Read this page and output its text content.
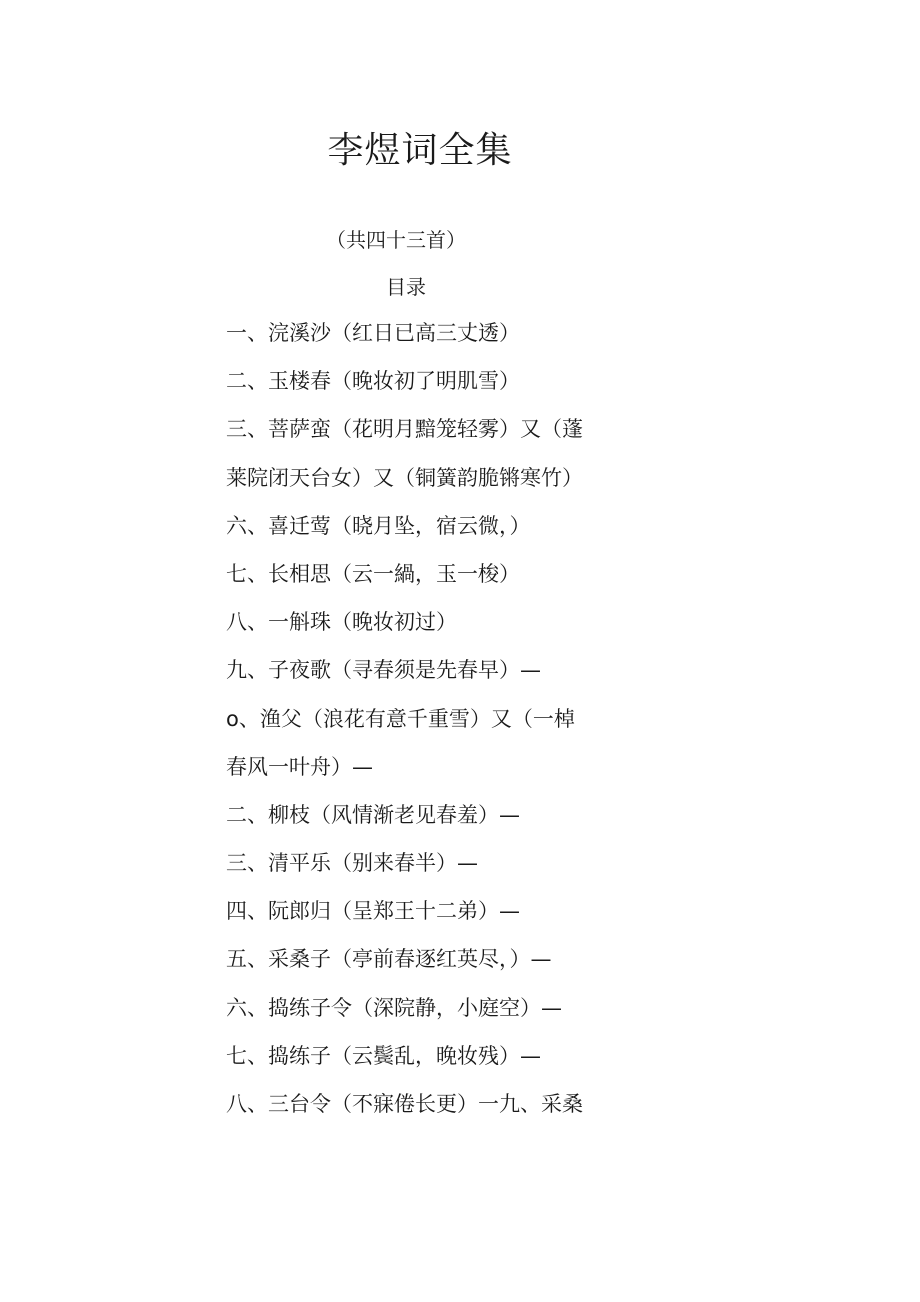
李煜词全集
（共四十三首）
目录
一、浣溪沙（红日已高三丈透）
二、玉楼春（晚妆初了明肌雪）
三、菩萨蛮（花明月黯笼轻雾）又（蓬
莱院闭天台女）又（铜簧韵脆锵寒竹）
六、喜迁莺（晓月坠，宿云微，）
七、长相思（云一緺，玉一梭）
八、一斛珠（晚妆初过）
九、子夜歌（寻春须是先春早）—
o、渔父（浪花有意千重雪）又（一棹
春风一叶舟）—
二、柳枝（风情渐老见春羞）—
三、清平乐（别来春半）—
四、阮郎归（呈郑王十二弟）—
五、采桑子（亭前春逐红英尽，）—
六、捣练子令（深院静，小庭空）—
七、捣练子（云鬓乱，晚妆残）—
八、三台令（不寐倦长更）一九、采桑
